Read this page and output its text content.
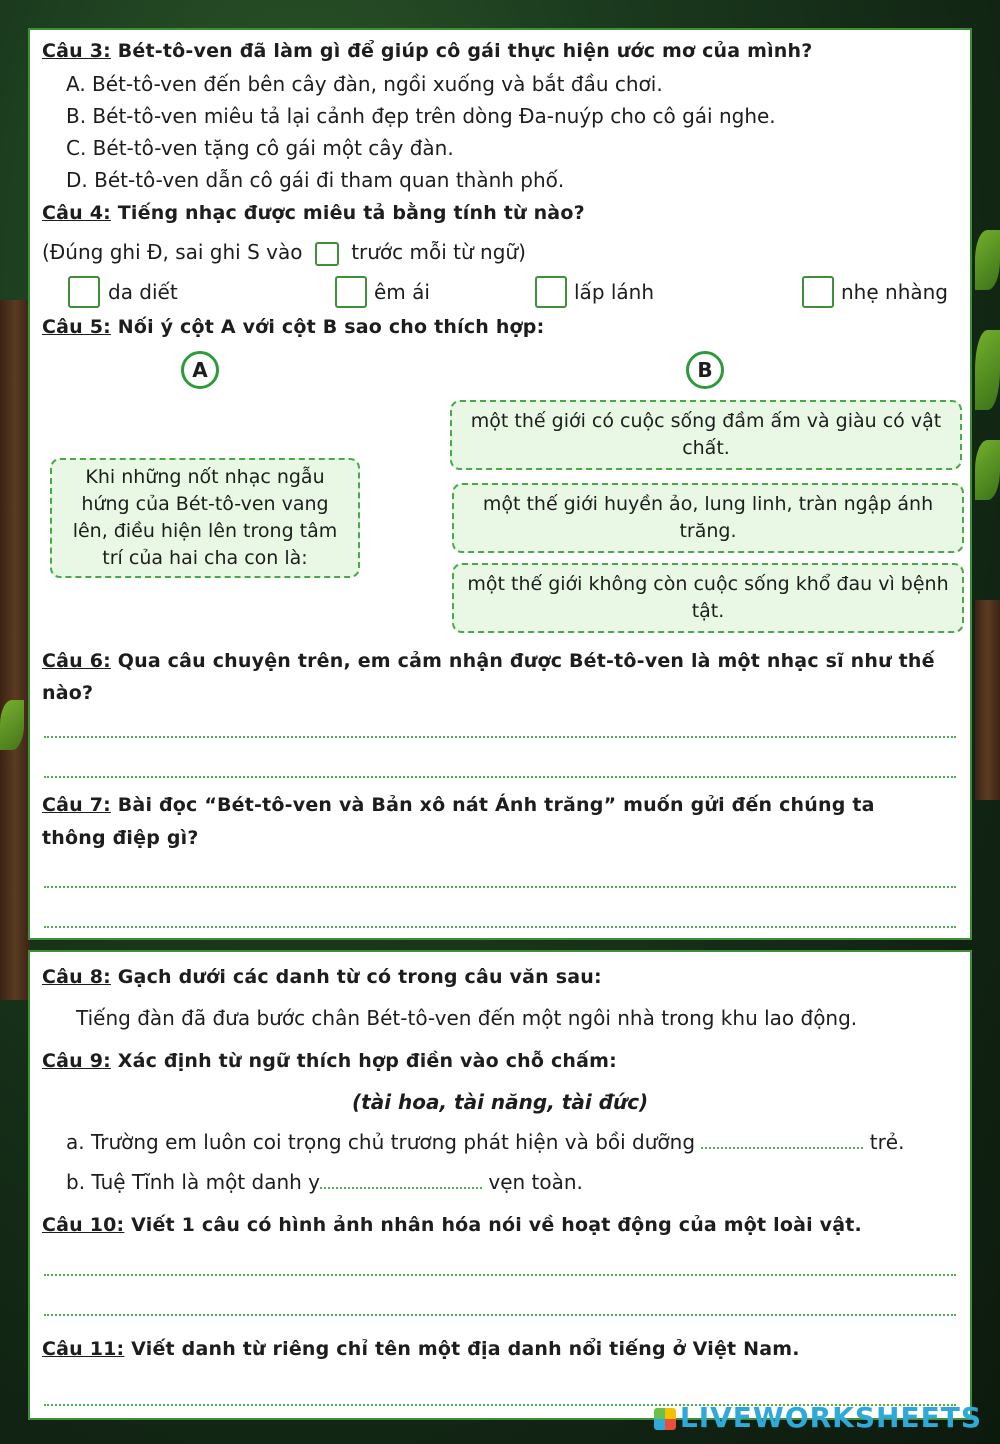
Câu 3: Bét-tô-ven đã làm gì để giúp cô gái thực hiện ước mơ của mình?
A. Bét-tô-ven đến bên cây đàn, ngồi xuống và bắt đầu chơi.
B. Bét-tô-ven miêu tả lại cảnh đẹp trên dòng Đa-nuýp cho cô gái nghe.
C. Bét-tô-ven tặng cô gái một cây đàn.
D. Bét-tô-ven dẫn cô gái đi tham quan thành phố.
Câu 4: Tiếng nhạc được miêu tả bằng tính từ nào?
(Đúng ghi Đ, sai ghi S vào trước mỗi từ ngữ)
da diết	êm ái	lấp lánh	nhẹ nhàng
Câu 5: Nối ý cột A với cột B sao cho thích hợp:
A	B
Khi những nốt nhạc ngẫu hứng của Bét-tô-ven vang lên, điều hiện lên trong tâm trí của hai cha con là:
một thế giới có cuộc sống đầm ấm và giàu có vật chất.
một thế giới huyền ảo, lung linh, tràn ngập ánh trăng.
một thế giới không còn cuộc sống khổ đau vì bệnh tật.
Câu 6: Qua câu chuyện trên, em cảm nhận được Bét-tô-ven là một nhạc sĩ như thế
nào?
Câu 7: Bài đọc “Bét-tô-ven và Bản xô nát Ánh trăng” muốn gửi đến chúng ta
thông điệp gì?
Câu 8: Gạch dưới các danh từ có trong câu văn sau:
Tiếng đàn đã đưa bước chân Bét-tô-ven đến một ngôi nhà trong khu lao động.
Câu 9: Xác định từ ngữ thích hợp điền vào chỗ chấm:
(tài hoa, tài năng, tài đức)
a. Trường em luôn coi trọng chủ trương phát hiện và bồi dưỡng	trẻ.
b. Tuệ Tĩnh là một danh y	vẹn toàn.
Câu 10: Viết 1 câu có hình ảnh nhân hóa nói về hoạt động của một loài vật.
Câu 11: Viết danh từ riêng chỉ tên một địa danh nổi tiếng ở Việt Nam.
LIVEWORKSHEETS
